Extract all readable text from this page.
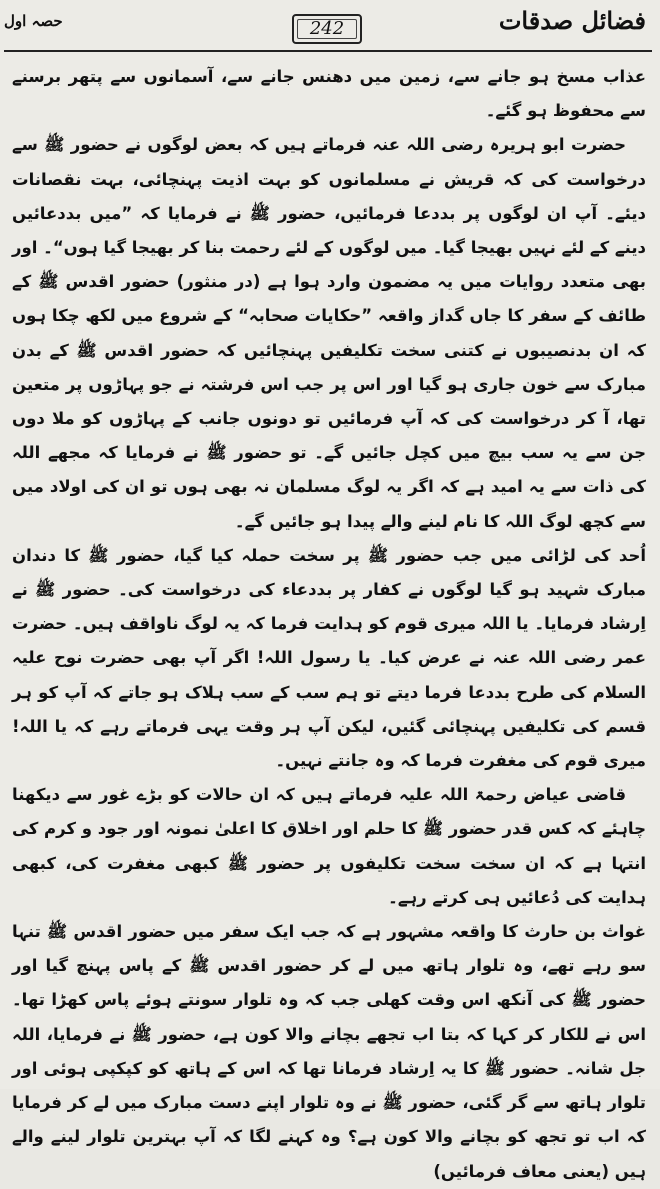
فضائل صدقات
242
حصہ اول

عذاب مسخ ہو جانے سے، زمین میں دھنس جانے سے، آسمانوں سے پتھر برسنے سے محفوظ ہو گئے۔

حضرت ابو ہریرہ رضی اللہ عنہ فرماتے ہیں کہ بعض لوگوں نے حضور ﷺ سے درخواست کی کہ قریش نے مسلمانوں کو بہت اذیت پہنچائی، بہت نقصانات دیئے۔ آپ ان لوگوں پر بددعا فرمائیں، حضور ﷺ نے فرمایا کہ ”میں بددعائیں دینے کے لئے نہیں بھیجا گیا۔ میں لوگوں کے لئے رحمت بنا کر بھیجا گیا ہوں“۔ اور بھی متعدد روایات میں یہ مضمون وارد ہوا ہے (در منثور) حضور اقدس ﷺ کے طائف کے سفر کا جاں گداز واقعہ ”حکایات صحابہ“ کے شروع میں لکھ چکا ہوں کہ ان بدنصیبوں نے کتنی سخت تکلیفیں پہنچائیں کہ حضور اقدس ﷺ کے بدن مبارک سے خون جاری ہو گیا اور اس پر جب اس فرشتہ نے جو پہاڑوں پر متعین تھا، آ کر درخواست کی کہ آپ فرمائیں تو دونوں جانب کے پہاڑوں کو ملا دوں جن سے یہ سب بیچ میں کچل جائیں گے۔ تو حضور ﷺ نے فرمایا کہ مجھے اللہ کی ذات سے یہ امید ہے کہ اگر یہ لوگ مسلمان نہ بھی ہوں تو ان کی اولاد میں سے کچھ لوگ اللہ کا نام لینے والے پیدا ہو جائیں گے۔

اُحد کی لڑائی میں جب حضور ﷺ پر سخت حملہ کیا گیا، حضور ﷺ کا دندان مبارک شہید ہو گیا لوگوں نے کفار پر بددعاء کی درخواست کی۔ حضور ﷺ نے اِرشاد فرمایا۔ یا اللہ میری قوم کو ہدایت فرما کہ یہ لوگ ناواقف ہیں۔ حضرت عمر رضی اللہ عنہ نے عرض کیا۔ یا رسول اللہ! اگر آپ بھی حضرت نوح علیہ السلام کی طرح بددعا فرما دیتے تو ہم سب کے سب ہلاک ہو جاتے کہ آپ کو ہر قسم کی تکلیفیں پہنچائی گئیں، لیکن آپ ہر وقت یہی فرماتے رہے کہ یا اللہ! میری قوم کی مغفرت فرما کہ وہ جانتے نہیں۔

قاضی عیاض رحمۃ اللہ علیہ فرماتے ہیں کہ ان حالات کو بڑے غور سے دیکھنا چاہئے کہ کس قدر حضور ﷺ کا حلم اور اخلاق کا اعلیٰ نمونہ اور جود و کرم کی انتہا ہے کہ ان سخت سخت تکلیفوں پر حضور ﷺ کبھی مغفرت کی، کبھی ہدایت کی دُعائیں ہی کرتے رہے۔

غواث بن حارث کا واقعہ مشہور ہے کہ جب ایک سفر میں حضور اقدس ﷺ تنہا سو رہے تھے، وہ تلوار ہاتھ میں لے کر حضور اقدس ﷺ کے پاس پہنچ گیا اور حضور ﷺ کی آنکھ اس وقت کھلی جب کہ وہ تلوار سونتے ہوئے پاس کھڑا تھا۔ اس نے للکار کر کہا کہ بتا اب تجھے بچانے والا کون ہے، حضور ﷺ نے فرمایا، اللہ جل شانہ۔ حضور ﷺ کا یہ اِرشاد فرمانا تھا کہ اس کے ہاتھ کو کپکپی ہوئی اور تلوار ہاتھ سے گر گئی، حضور ﷺ نے وہ تلوار اپنے دست مبارک میں لے کر فرمایا کہ اب تو تجھ کو بچانے والا کون ہے؟ وہ کہنے لگا کہ آپ بہترین تلوار لینے والے ہیں (یعنی معاف فرمائیں)
